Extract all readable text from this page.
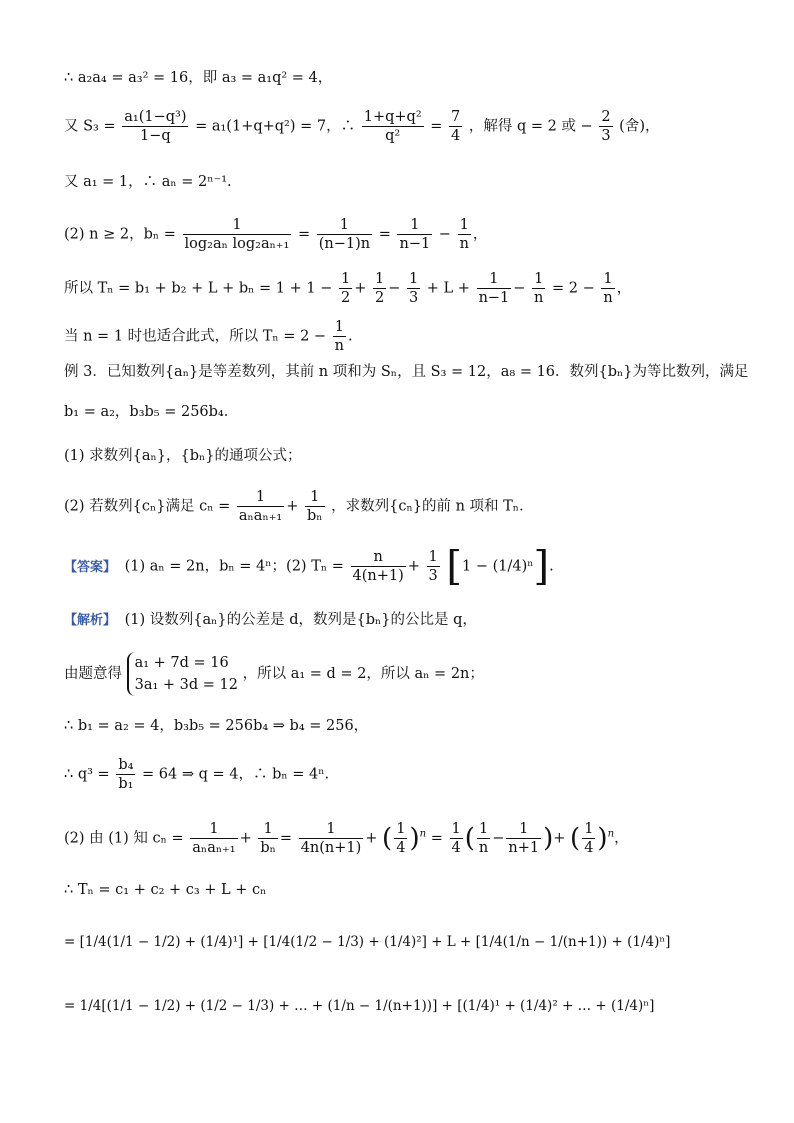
∴ a₂a₄ = a₃² = 16，即 a₃ = a₁q² = 4，
又 $S_3 = \frac{\text{a₁(1−q³)}}{1-q} = a_1(1+q+q^2) = 7$，∴ $\frac{\text{1+q+q²}}{\text{q²}} = \frac{7}{4}$ ，解得 q = 2 或 − $\frac{2}{3}$ (舍)，
又 a₁ = 1，∴ aₙ = 2ⁿ⁻¹.
(2) n ≥ 2，$b_n = \frac{1}{\text{log₂aₙ log₂aₙ₊₁}} = \frac{1}{(n-1)n} = \frac{1}{n-1} - \frac{1}{n}$ ，
所以 $T_n = b_1 + b_2 + L + b_n = 1 + 1 - \frac{1}{2} + \frac{1}{2} - \frac{1}{3} + L + \frac{1}{n-1} - \frac{1}{n} = 2 - \frac{1}{n}$ ，
当 n = 1 时也适合此式，所以 $T_n = 2 - \frac{1}{n}$ .
例 3．已知数列{aₙ}是等差数列，其前 n 项和为 Sₙ，且 S₃ = 12，a₈ = 16．数列{bₙ}为等比数列，满足
b₁ = a₂，b₃b₅ = 256b₄．
(1) 求数列{aₙ}，{bₙ}的通项公式；
(2) 若数列{cₙ}满足 $c_n = \frac{1}{\text{aₙaₙ₊₁}} + \frac{1}{\text{bₙ}}$ ，求数列{cₙ}的前 n 项和 Tₙ．
【答案】 (1) aₙ = 2n，bₙ = 4ⁿ；(2) $T_n = \frac{n}{4(n+1)} + \frac{1}{3} [1 - (1/4)^n]$.
【解析】 (1) 设数列{aₙ}的公差是 d，数列是{bₙ}的公比是 q，
由题意得
a₁ + 7d = 16
3a₁ + 3d = 12
，所以 a₁ = d = 2，所以 aₙ = 2n；
∴ b₁ = a₂ = 4，b₃b₅ = 256b₄ ⇒ b₄ = 256，
∴ $q^3 = \frac{\text{b₄}}{\text{b₁}} = 64$ ⇒ q = 4，∴ bₙ = 4ⁿ.
(2) 由 (1) 知 $c_n = \frac{1}{\text{aₙaₙ₊₁}} + \frac{1}{\text{bₙ}} = \frac{1}{4n(n+1)}$ + ( $\frac{1}{4} )^n = \frac{1}{4}$ ( $\frac{1}{n} - \frac{1}{n+1}$ )+ ( $\frac{1}{4} )^n$，
∴ Tₙ = c₁ + c₂ + c₃ + L + cₙ
= [1/4(1/1 − 1/2) + (1/4)¹] + [1/4(1/2 − 1/3) + (1/4)²] + L + [1/4(1/n − 1/(n+1)) + (1/4)ⁿ]
= 1/4[(1/1 − 1/2) + (1/2 − 1/3) + … + (1/n − 1/(n+1))] + [(1/4)¹ + (1/4)² + … + (1/4)ⁿ]
